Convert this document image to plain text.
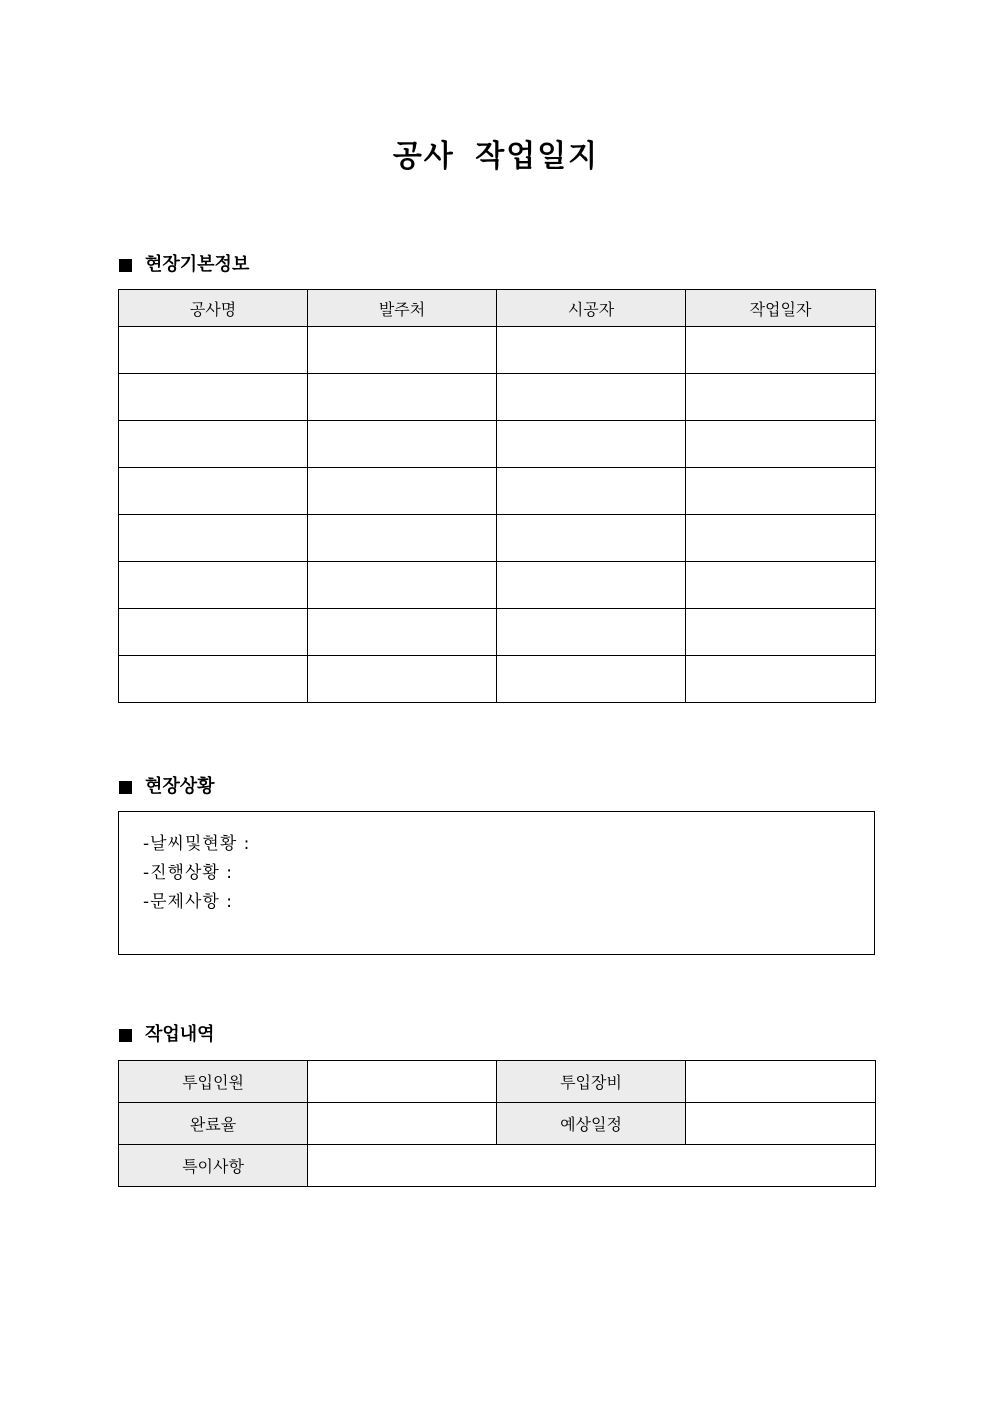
공사 작업일지
현장기본정보
공사명	발주처	시공자	작업일자

현장상황
-날씨및현황 :
-진행상황 :
-문제사항 :
작업내역
투입인원		투입장비	
완료율		예상일정	
특이사항			
